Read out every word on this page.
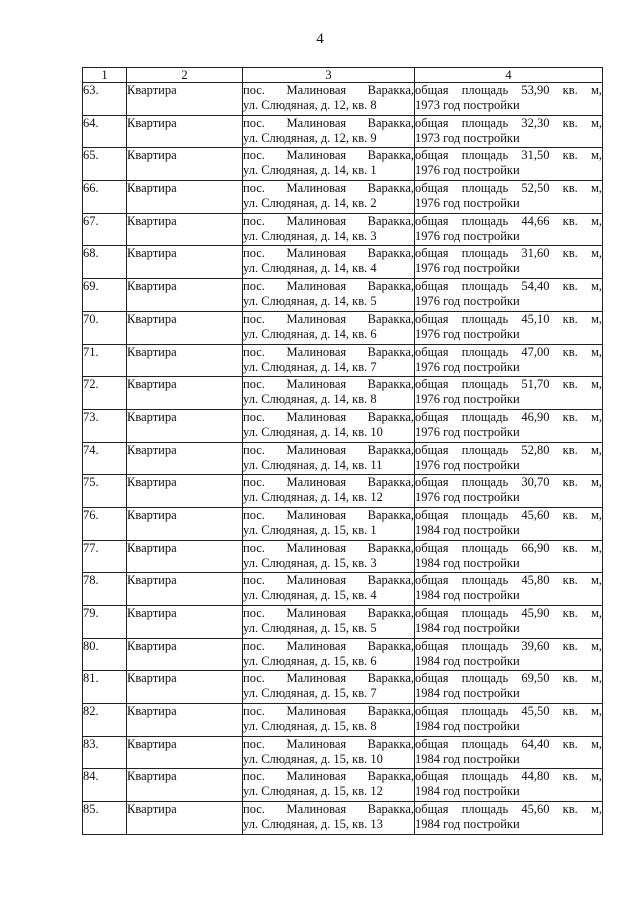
4
1	2	3	4
63.	Квартира	пос. Малиновая Варакка,
ул. Слюдяная, д. 12, кв. 8	общая площадь 53,90 кв. м,
1973 год постройки

64.	Квартира	пос. Малиновая Варакка,
ул. Слюдяная, д. 12, кв. 9	общая площадь 32,30 кв. м,
1973 год постройки

65.	Квартира	пос. Малиновая Варакка,
ул. Слюдяная, д. 14, кв. 1	общая площадь 31,50 кв. м,
1976 год постройки

66.	Квартира	пос. Малиновая Варакка,
ул. Слюдяная, д. 14, кв. 2	общая площадь 52,50 кв. м,
1976 год постройки

67.	Квартира	пос. Малиновая Варакка,
ул. Слюдяная, д. 14, кв. 3	общая площадь 44,66 кв. м,
1976 год постройки

68.	Квартира	пос. Малиновая Варакка,
ул. Слюдяная, д. 14, кв. 4	общая площадь 31,60 кв. м,
1976 год постройки

69.	Квартира	пос. Малиновая Варакка,
ул. Слюдяная, д. 14, кв. 5	общая площадь 54,40 кв. м,
1976 год постройки

70.	Квартира	пос. Малиновая Варакка,
ул. Слюдяная, д. 14, кв. 6	общая площадь 45,10 кв. м,
1976 год постройки

71.	Квартира	пос. Малиновая Варакка,
ул. Слюдяная, д. 14, кв. 7	общая площадь 47,00 кв. м,
1976 год постройки

72.	Квартира	пос. Малиновая Варакка,
ул. Слюдяная, д. 14, кв. 8	общая площадь 51,70 кв. м,
1976 год постройки

73.	Квартира	пос. Малиновая Варакка,
ул. Слюдяная, д. 14, кв. 10	общая площадь 46,90 кв. м,
1976 год постройки

74.	Квартира	пос. Малиновая Варакка,
ул. Слюдяная, д. 14, кв. 11	общая площадь 52,80 кв. м,
1976 год постройки

75.	Квартира	пос. Малиновая Варакка,
ул. Слюдяная, д. 14, кв. 12	общая площадь 30,70 кв. м,
1976 год постройки

76.	Квартира	пос. Малиновая Варакка,
ул. Слюдяная, д. 15, кв. 1	общая площадь 45,60 кв. м,
1984 год постройки

77.	Квартира	пос. Малиновая Варакка,
ул. Слюдяная, д. 15, кв. 3	общая площадь 66,90 кв. м,
1984 год постройки

78.	Квартира	пос. Малиновая Варакка,
ул. Слюдяная, д. 15, кв. 4	общая площадь 45,80 кв. м,
1984 год постройки

79.	Квартира	пос. Малиновая Варакка,
ул. Слюдяная, д. 15, кв. 5	общая площадь 45,90 кв. м,
1984 год постройки

80.	Квартира	пос. Малиновая Варакка,
ул. Слюдяная, д. 15, кв. 6	общая площадь 39,60 кв. м,
1984 год постройки

81.	Квартира	пос. Малиновая Варакка,
ул. Слюдяная, д. 15, кв. 7	общая площадь 69,50 кв. м,
1984 год постройки

82.	Квартира	пос. Малиновая Варакка,
ул. Слюдяная, д. 15, кв. 8	общая площадь 45,50 кв. м,
1984 год постройки

83.	Квартира	пос. Малиновая Варакка,
ул. Слюдяная, д. 15, кв. 10	общая площадь 64,40 кв. м,
1984 год постройки

84.	Квартира	пос. Малиновая Варакка,
ул. Слюдяная, д. 15, кв. 12	общая площадь 44,80 кв. м,
1984 год постройки

85.	Квартира	пос. Малиновая Варакка,
ул. Слюдяная, д. 15, кв. 13	общая площадь 45,60 кв. м,
1984 год постройки
